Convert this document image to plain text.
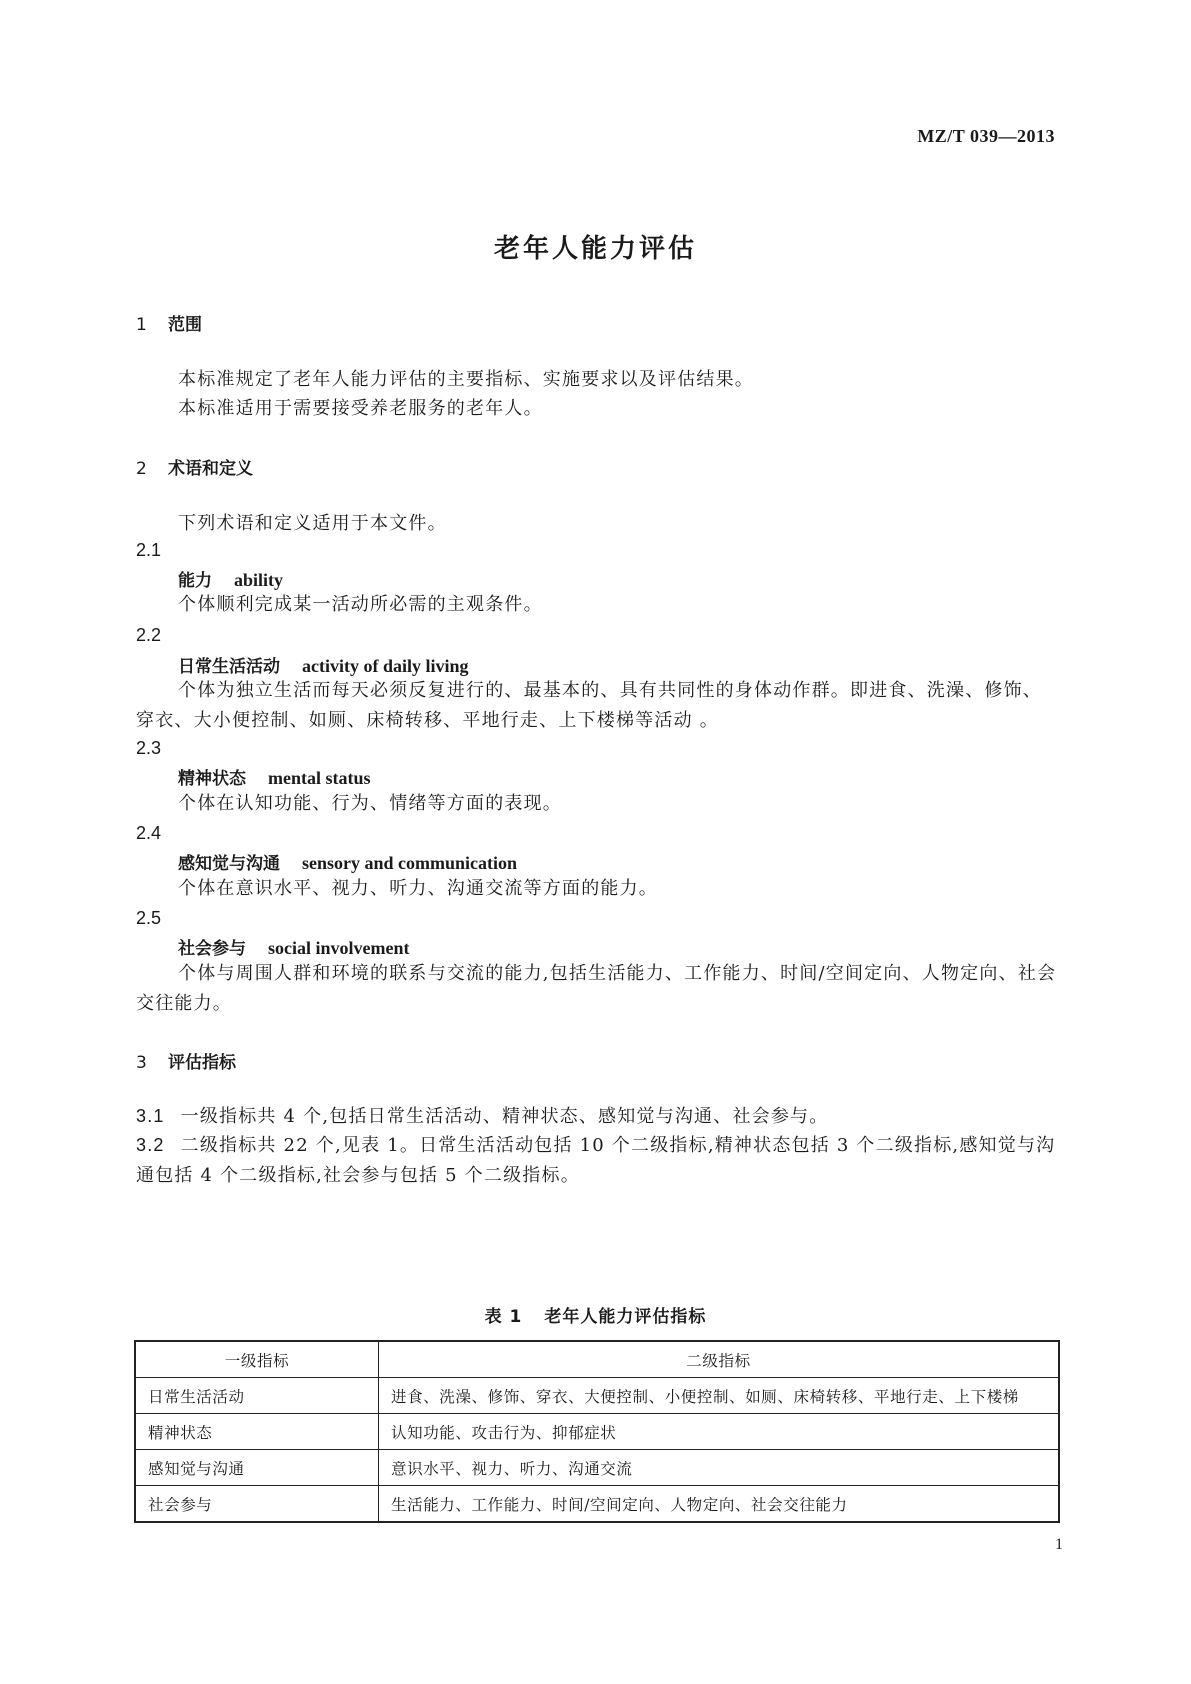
MZ/T 039—2013
老年人能力评估
1 范围
本标准规定了老年人能力评估的主要指标、实施要求以及评估结果。
本标准适用于需要接受养老服务的老年人。
2 术语和定义
下列术语和定义适用于本文件。
2.1
能力 ability
个体顺利完成某一活动所必需的主观条件。
2.2
日常生活活动 activity of daily living
个体为独立生活而每天必须反复进行的、最基本的、具有共同性的身体动作群。即进食、洗澡、修饰、穿衣、大小便控制、如厕、床椅转移、平地行走、上下楼梯等活动 。
2.3
精神状态 mental status
个体在认知功能、行为、情绪等方面的表现。
2.4
感知觉与沟通 sensory and communication
个体在意识水平、视力、听力、沟通交流等方面的能力。
2.5
社会参与 social involvement
个体与周围人群和环境的联系与交流的能力,包括生活能力、工作能力、时间/空间定向、人物定向、社会交往能力。
3 评估指标
3.1 一级指标共 4 个,包括日常生活活动、精神状态、感知觉与沟通、社会参与。
3.2 二级指标共 22 个,见表 1。日常生活活动包括 10 个二级指标,精神状态包括 3 个二级指标,感知觉与沟通包括 4 个二级指标,社会参与包括 5 个二级指标。
表 1 老年人能力评估指标
一级指标	二级指标
日常生活活动	进食、洗澡、修饰、穿衣、大便控制、小便控制、如厕、床椅转移、平地行走、上下楼梯
精神状态	认知功能、攻击行为、抑郁症状
感知觉与沟通	意识水平、视力、听力、沟通交流
社会参与	生活能力、工作能力、时间/空间定向、人物定向、社会交往能力
1
